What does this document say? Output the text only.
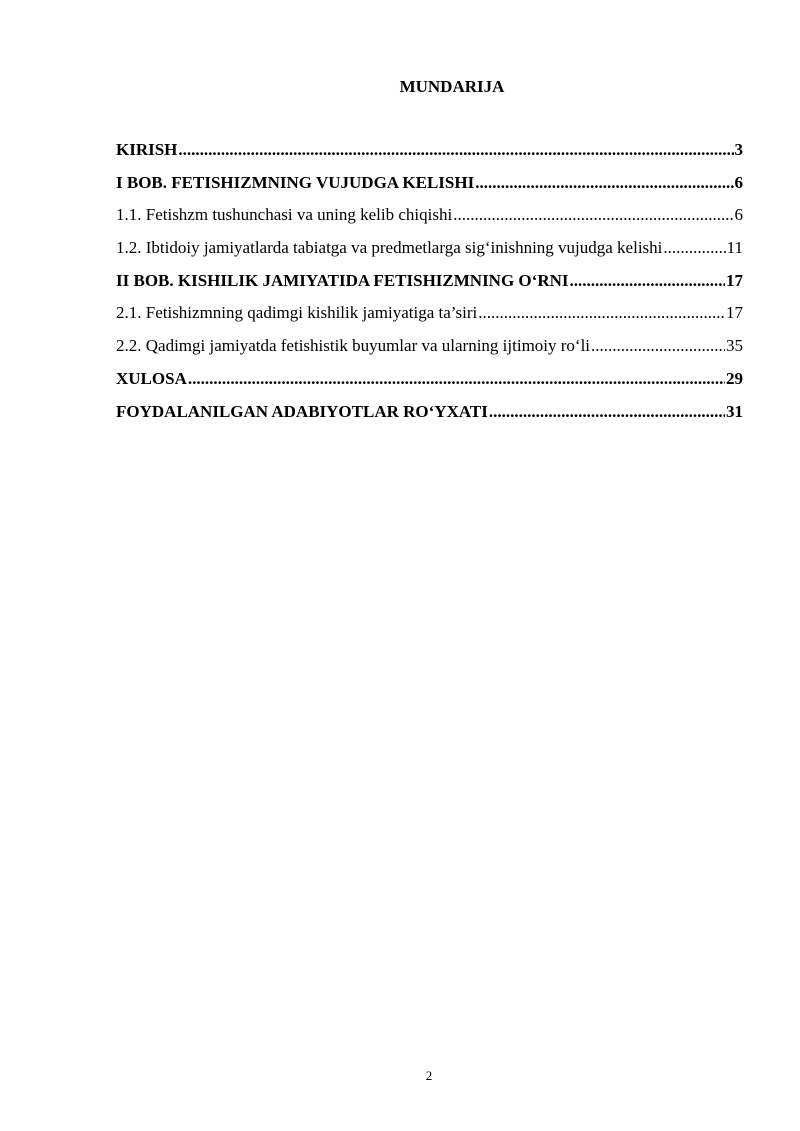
MUNDARIJA
KIRISH .....	3
I BOB. FETISHIZMNING VUJUDGA KELISHI .....	6
1.1. Fetishzm tushunchasi va uning kelib chiqishi .....	6
1.2. Ibtidoiy jamiyatlarda tabiatga va predmetlarga sig‘inishning vujudga kelishi .....	11
II BOB. KISHILIK JAMIYATIDA FETISHIZMNING O‘RNI .....	17
2.1. Fetishizmning qadimgi kishilik jamiyatiga ta’siri .....	17
2.2. Qadimgi jamiyatda fetishistik buyumlar va ularning ijtimoiy ro‘li .....	35
XULOSA .....	29
FOYDALANILGAN ADABIYOTLAR RO‘YXATI .....	31
2
